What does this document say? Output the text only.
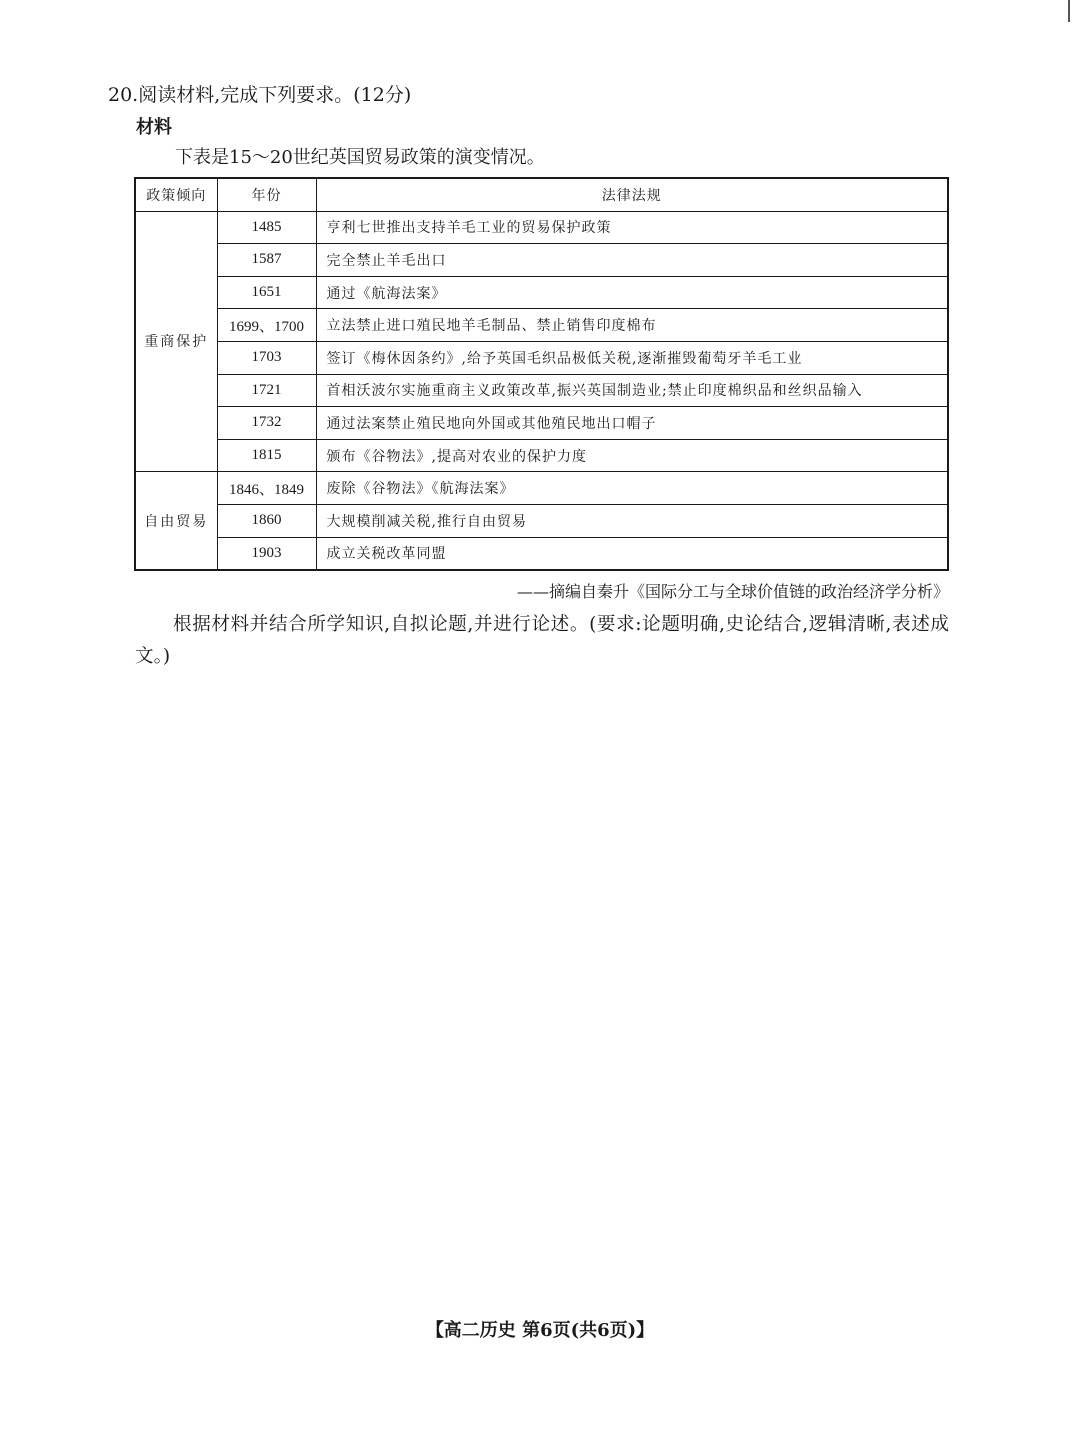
20.阅读材料,完成下列要求。(12分)
材料
下表是15～20世纪英国贸易政策的演变情况。
政策倾向	年份	法律法规
重商保护	1485	亨利七世推出支持羊毛工业的贸易保护政策
	1587	完全禁止羊毛出口
	1651	通过《航海法案》
	1699、1700	立法禁止进口殖民地羊毛制品、禁止销售印度棉布
	1703	签订《梅休因条约》,给予英国毛织品极低关税,逐渐摧毁葡萄牙羊毛工业
	1721	首相沃波尔实施重商主义政策改革,振兴英国制造业;禁止印度棉织品和丝织品输入
	1732	通过法案禁止殖民地向外国或其他殖民地出口帽子
	1815	颁布《谷物法》,提高对农业的保护力度
自由贸易	1846、1849	废除《谷物法》《航海法案》
	1860	大规模削减关税,推行自由贸易
	1903	成立关税改革同盟
——摘编自秦升《国际分工与全球价值链的政治经济学分析》
根据材料并结合所学知识,自拟论题,并进行论述。(要求:论题明确,史论结合,逻辑清晰,表述成文。)
【高二历史 第6页(共6页)】
